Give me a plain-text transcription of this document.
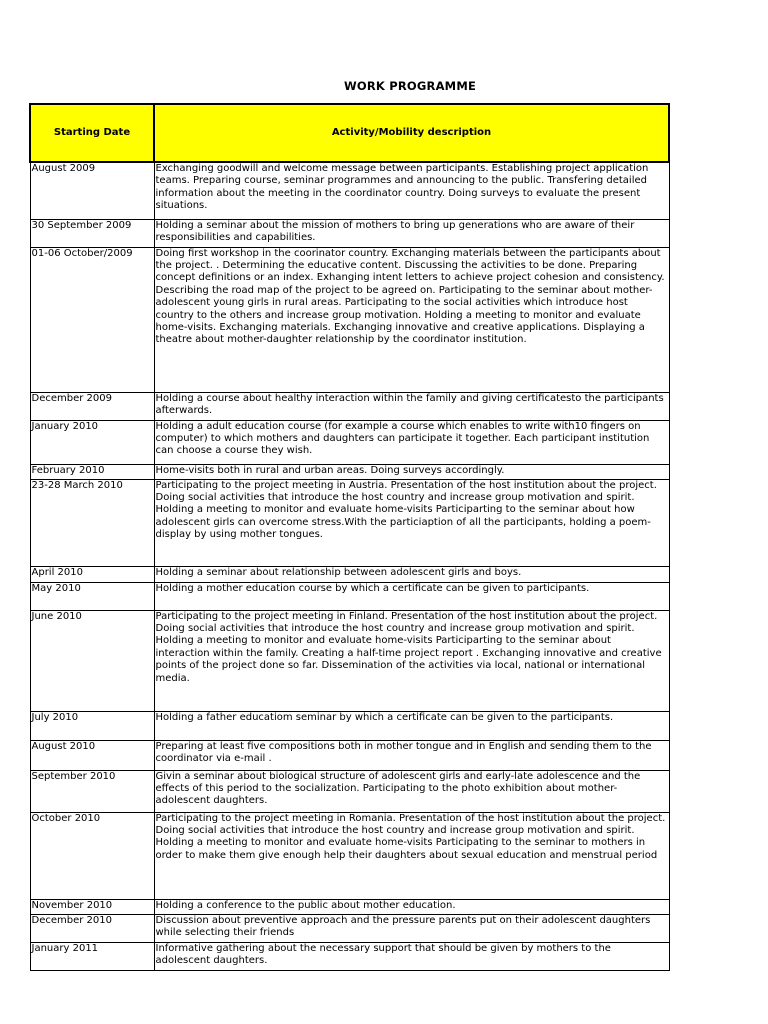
WORK PROGRAMME
Starting Date	Activity/Mobility description
August 2009	Exchanging goodwill and welcome message between participants. Establishing project application teams. Preparing course, seminar programmes and announcing to the public. Transfering detailed information about the meeting in the coordinator country. Doing surveys to evaluate the present situations.
30 September 2009	Holding a seminar about the mission of mothers to bring up generations who are aware of their responsibilities and capabilities.
01-06 October/2009	Doing first workshop in the coorinator country. Exchanging materials between the participants about the project. . Determining the educative content. Discussing the activities to be done. Preparing concept definitions or an index. Exhanging intent letters to achieve project cohesion and consistency. Describing the road map of the project to be agreed on. Participating to the seminar about mother-adolescent young girls in rural areas. Participating to the social activities which introduce host country to the others and increase group motivation. Holding a meeting to monitor and evaluate home-visits. Exchanging materials. Exchanging innovative and creative applications. Displaying a theatre about mother-daughter relationship by the coordinator institution.
December 2009	Holding a course about healthy interaction within the family and giving certificatesto the participants afterwards.
January 2010	Holding a adult education course (for example a course which enables to write with10 fingers on computer) to which mothers and daughters can participate it together. Each participant institution can choose a course they wish.
February 2010	Home-visits both in rural and urban areas. Doing surveys accordingly.
23-28 March 2010	Participating to the project meeting in Austria. Presentation of the host institution about the project. Doing social activities that introduce the host country and increase group motivation and spirit. Holding a meeting to monitor and evaluate home-visits Participarting to the seminar about how adolescent girls can overcome stress.With the particiaption of all the participants, holding a poem-display by using mother tongues.
April 2010	Holding a seminar about relationship between adolescent girls and boys.
May 2010	Holding a mother education course by which a certificate can be given to participants.
June 2010	Participating to the project meeting in Finland. Presentation of the host institution about the project. Doing social activities that introduce the host country and increase group motivation and spirit. Holding a meeting to monitor and evaluate home-visits Participarting to the seminar about interaction within the family. Creating a half-time project report . Exchanging innovative and creative points of the project done so far. Dissemination of the activities via local, national or international media.
July 2010	Holding a father educatiom seminar by which a certificate can be given to the participants.
August 2010	Preparing at least five compositions both in mother tongue and in English and sending them to the coordinator via e-mail .
September 2010	Givin a seminar about biological structure of adolescent girls and early-late adolescence and the effects of this period to the socialization. Participating to the photo exhibition about mother- adolescent daughters.
October 2010	Participating to the project meeting in Romania. Presentation of the host institution about the project. Doing social activities that introduce the host country and increase group motivation and spirit. Holding a meeting to monitor and evaluate home-visits Participating to the seminar to mothers in order to make them give enough help their daughters about sexual education and menstrual period
November 2010	Holding a conference to the public about mother education.
December 2010	Discussion about preventive approach and the pressure parents put on their adolescent daughters while selecting their friends
January 2011	Informative gathering about the necessary support that should be given by mothers to the adolescent daughters.
